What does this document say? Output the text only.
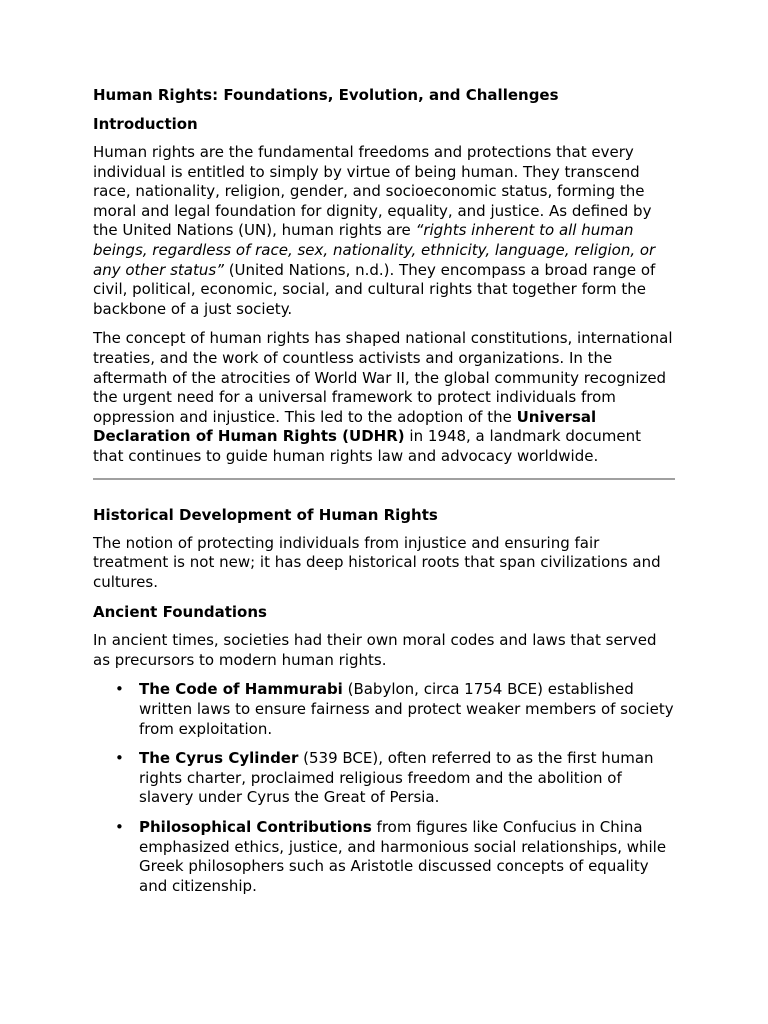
Human Rights: Foundations, Evolution, and Challenges
Introduction

Human rights are the fundamental freedoms and protections that every individual is entitled to simply by virtue of being human. They transcend race, nationality, religion, gender, and socioeconomic status, forming the moral and legal foundation for dignity, equality, and justice. As defined by the United Nations (UN), human rights are “rights inherent to all human beings, regardless of race, sex, nationality, ethnicity, language, religion, or any other status” (United Nations, n.d.). They encompass a broad range of civil, political, economic, social, and cultural rights that together form the backbone of a just society.

The concept of human rights has shaped national constitutions, international treaties, and the work of countless activists and organizations. In the aftermath of the atrocities of World War II, the global community recognized the urgent need for a universal framework to protect individuals from oppression and injustice. This led to the adoption of the Universal Declaration of Human Rights (UDHR) in 1948, a landmark document that continues to guide human rights law and advocacy worldwide.

Historical Development of Human Rights

The notion of protecting individuals from injustice and ensuring fair treatment is not new; it has deep historical roots that span civilizations and cultures.

Ancient Foundations

In ancient times, societies had their own moral codes and laws that served as precursors to modern human rights.

• The Code of Hammurabi (Babylon, circa 1754 BCE) established written laws to ensure fairness and protect weaker members of society from exploitation.
• The Cyrus Cylinder (539 BCE), often referred to as the first human rights charter, proclaimed religious freedom and the abolition of slavery under Cyrus the Great of Persia.
• Philosophical Contributions from figures like Confucius in China emphasized ethics, justice, and harmonious social relationships, while Greek philosophers such as Aristotle discussed concepts of equality and citizenship.
